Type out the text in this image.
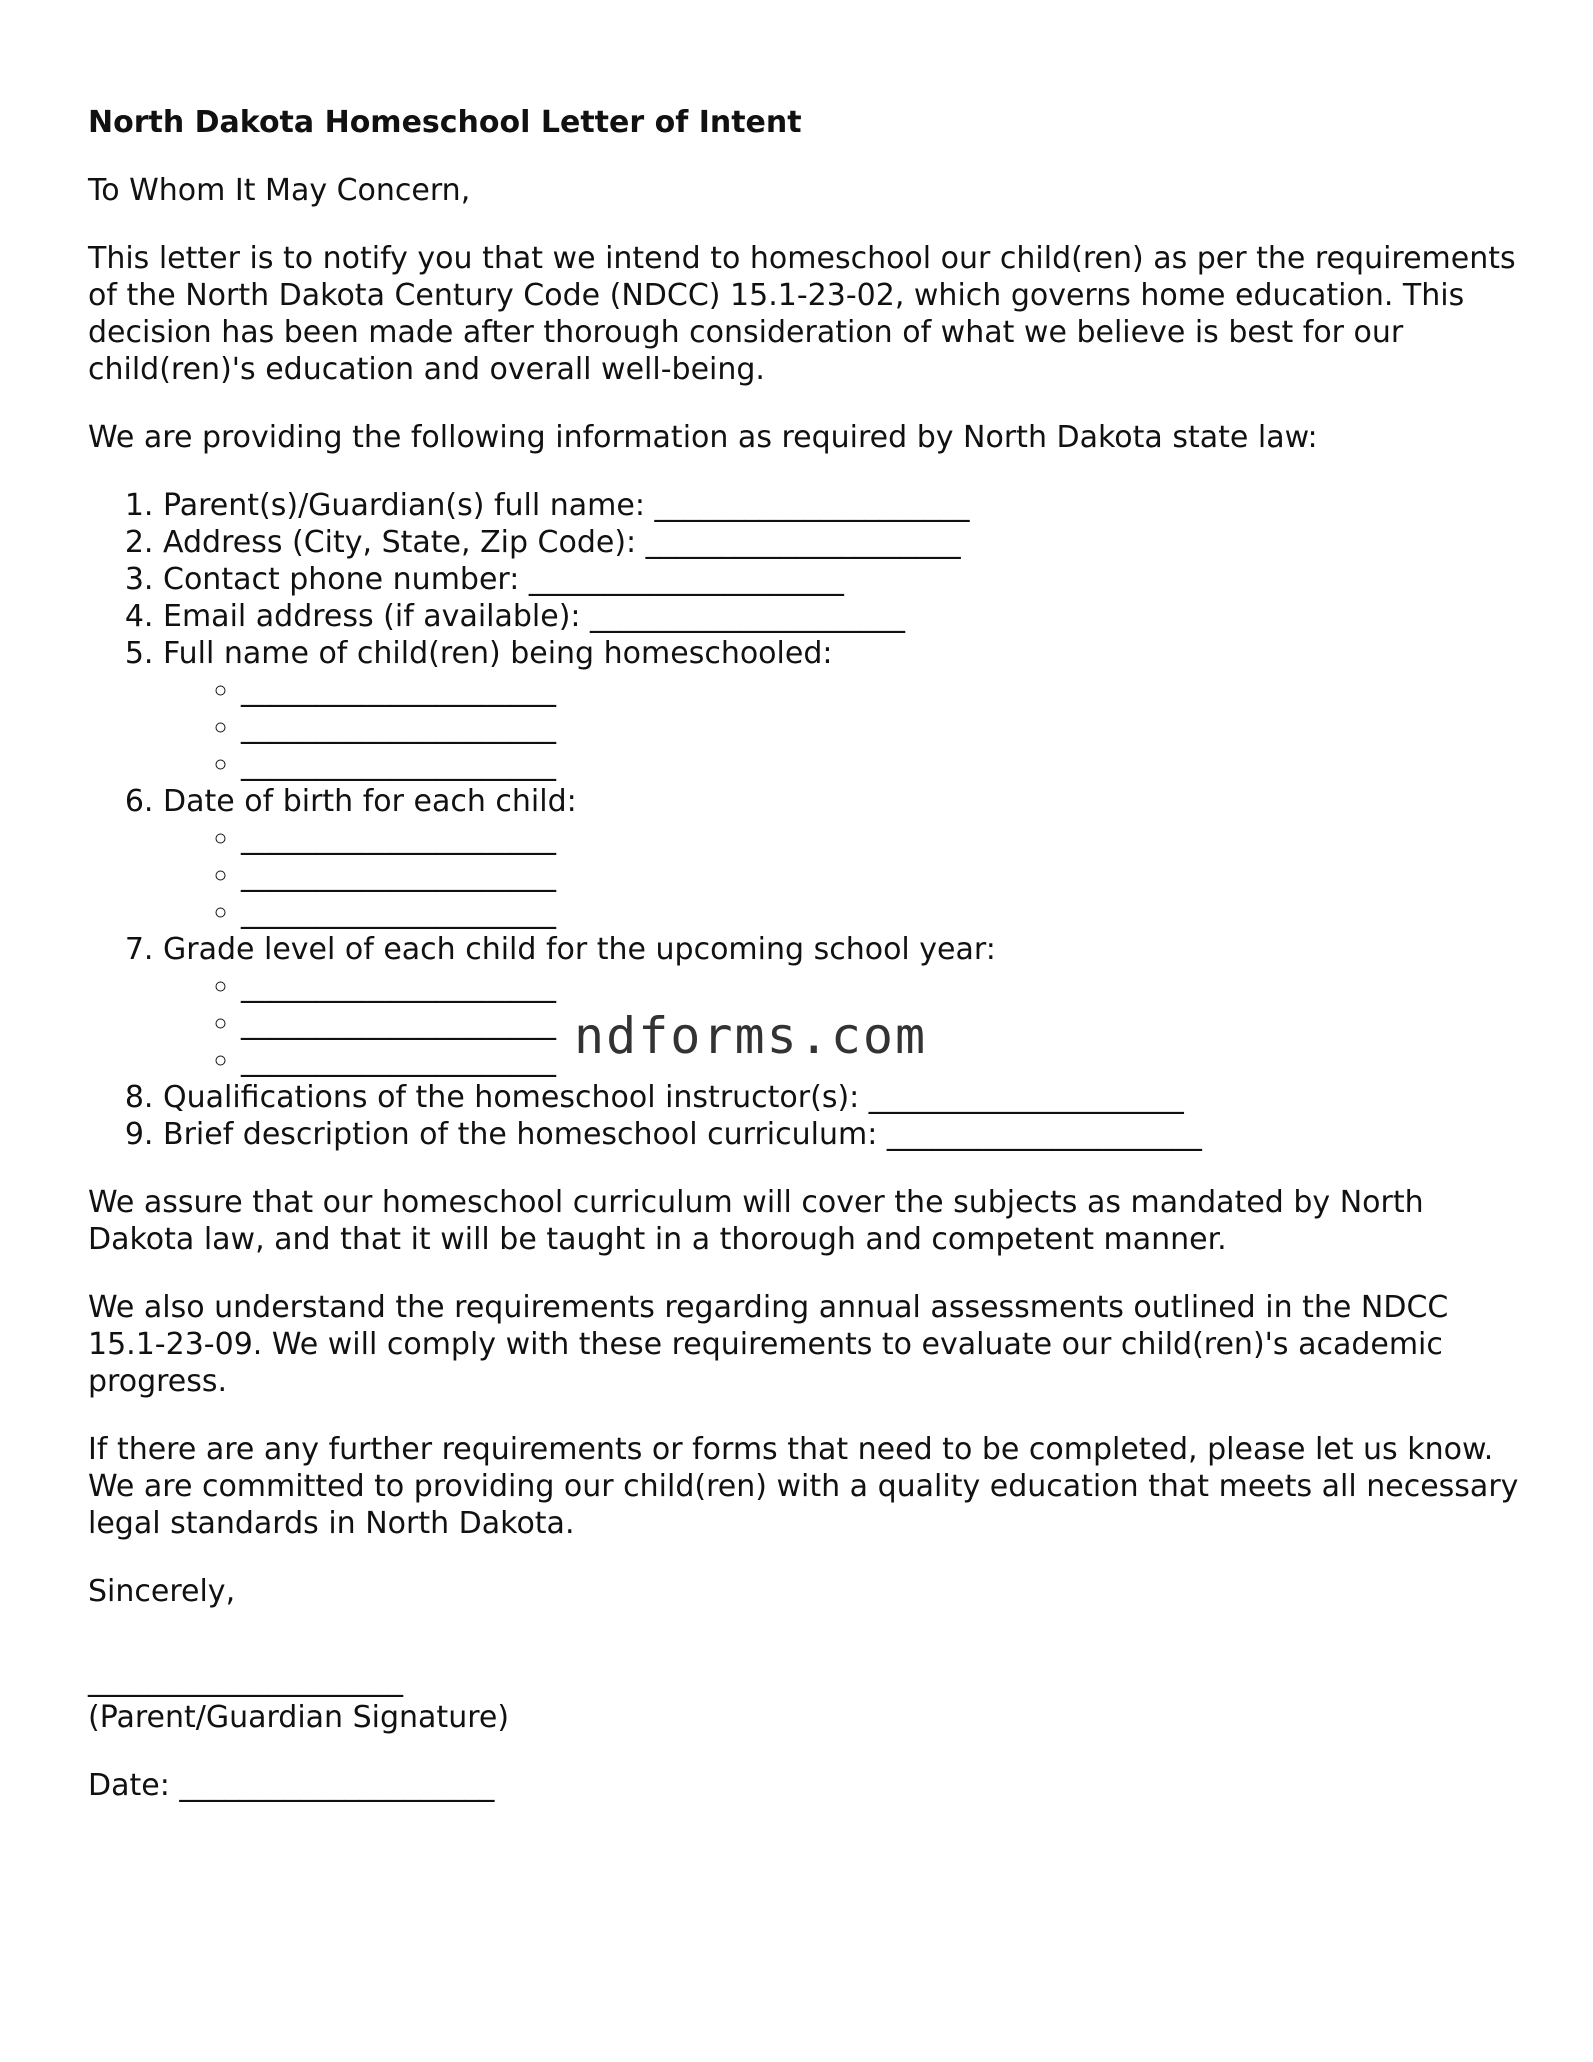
North Dakota Homeschool Letter of Intent

To Whom It May Concern,

This letter is to notify you that we intend to homeschool our child(ren) as per the requirements of the North Dakota Century Code (NDCC) 15.1-23-02, which governs home education. This decision has been made after thorough consideration of what we believe is best for our child(ren)'s education and overall well-being.

We are providing the following information as required by North Dakota state law:

1. Parent(s)/Guardian(s) full name: _____________________
2. Address (City, State, Zip Code): _____________________
3. Contact phone number: _____________________
4. Email address (if available): _____________________
5. Full name of child(ren) being homeschooled:
◦ _____________________
◦ _____________________
◦ _____________________
6. Date of birth for each child:
◦ _____________________
◦ _____________________
◦ _____________________
7. Grade level of each child for the upcoming school year:
◦ _____________________
◦ _____________________
◦ _____________________
8. Qualifications of the homeschool instructor(s): _____________________
9. Brief description of the homeschool curriculum: _____________________

We assure that our homeschool curriculum will cover the subjects as mandated by North Dakota law, and that it will be taught in a thorough and competent manner.

We also understand the requirements regarding annual assessments outlined in the NDCC 15.1-23-09. We will comply with these requirements to evaluate our child(ren)'s academic progress.

If there are any further requirements or forms that need to be completed, please let us know. We are committed to providing our child(ren) with a quality education that meets all necessary legal standards in North Dakota.

Sincerely,

_____________________
(Parent/Guardian Signature)
Date: _____________________
ndforms.com
